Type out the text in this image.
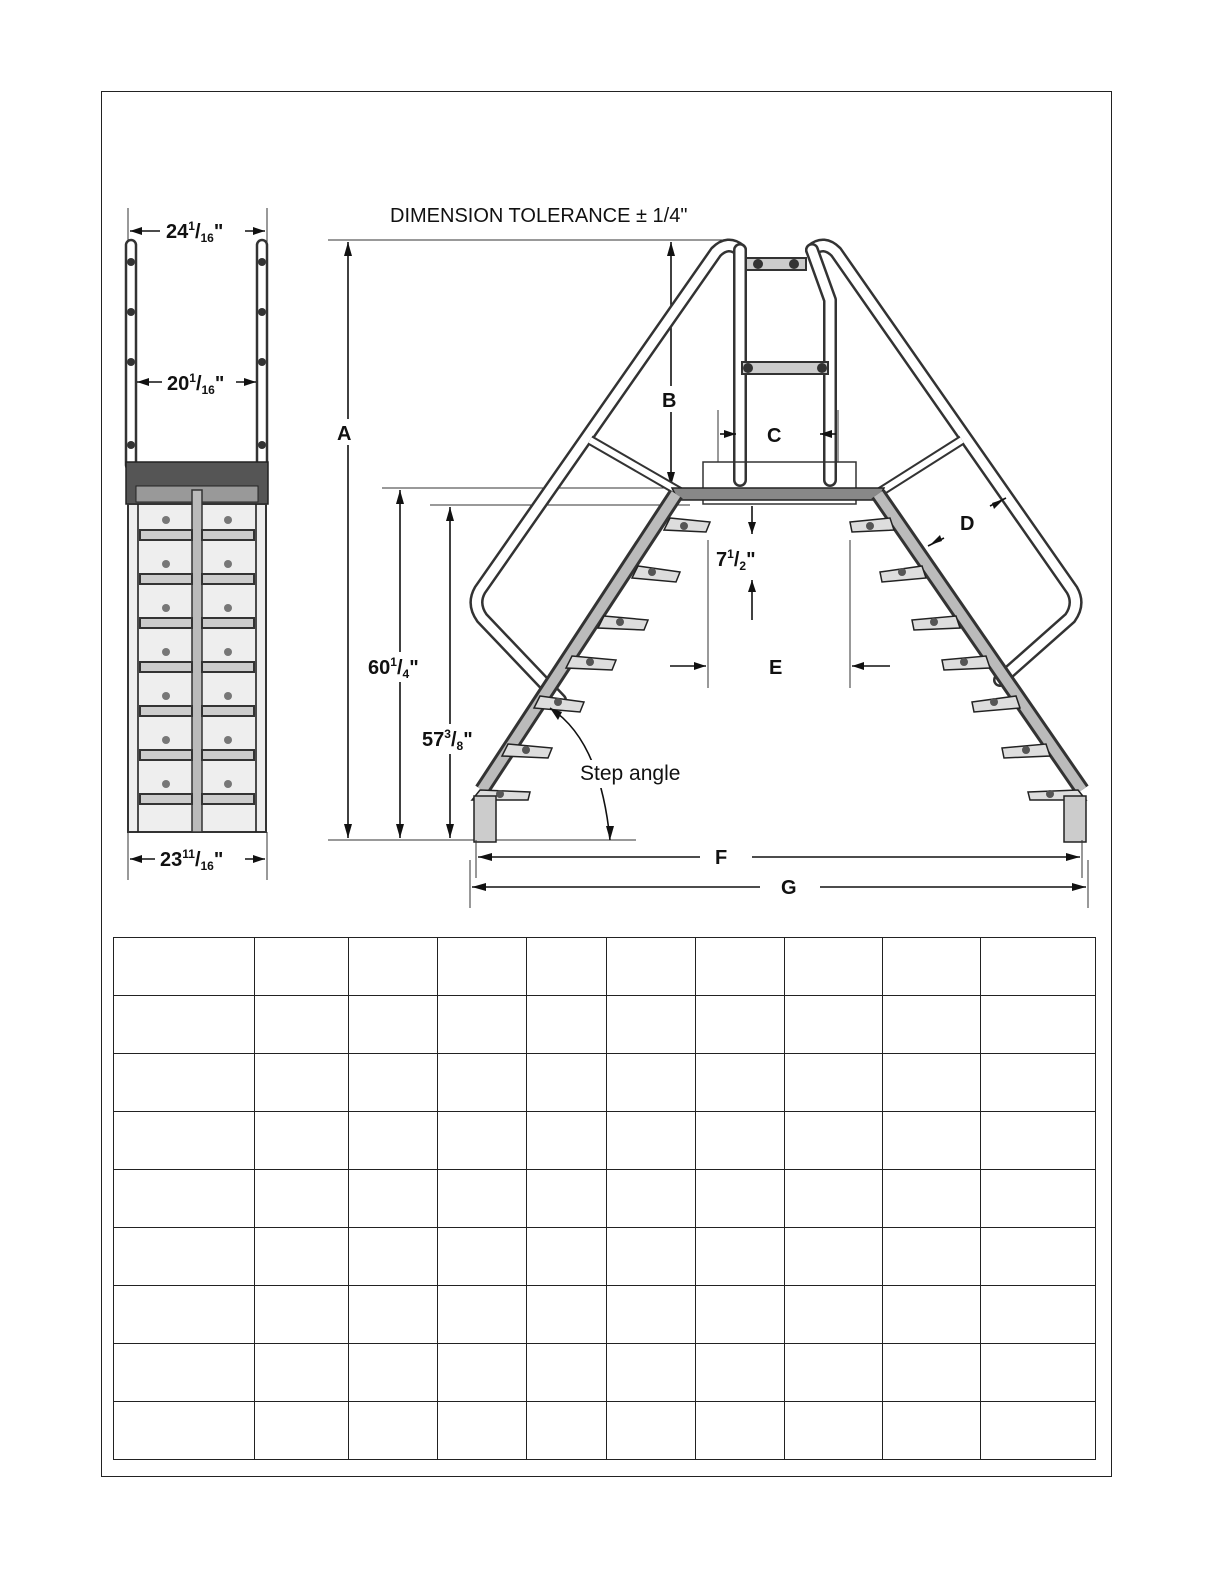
DIMENSION TOLERANCE ± 1/4"
$24^1/_{16}$"
$20^1/_{16}$"
$23^{11}/_{16}$"
A
$60^1/_4$"
$57^3/_8$"
B
C
$7^1/_2$"
E
D
Step angle
F
G
